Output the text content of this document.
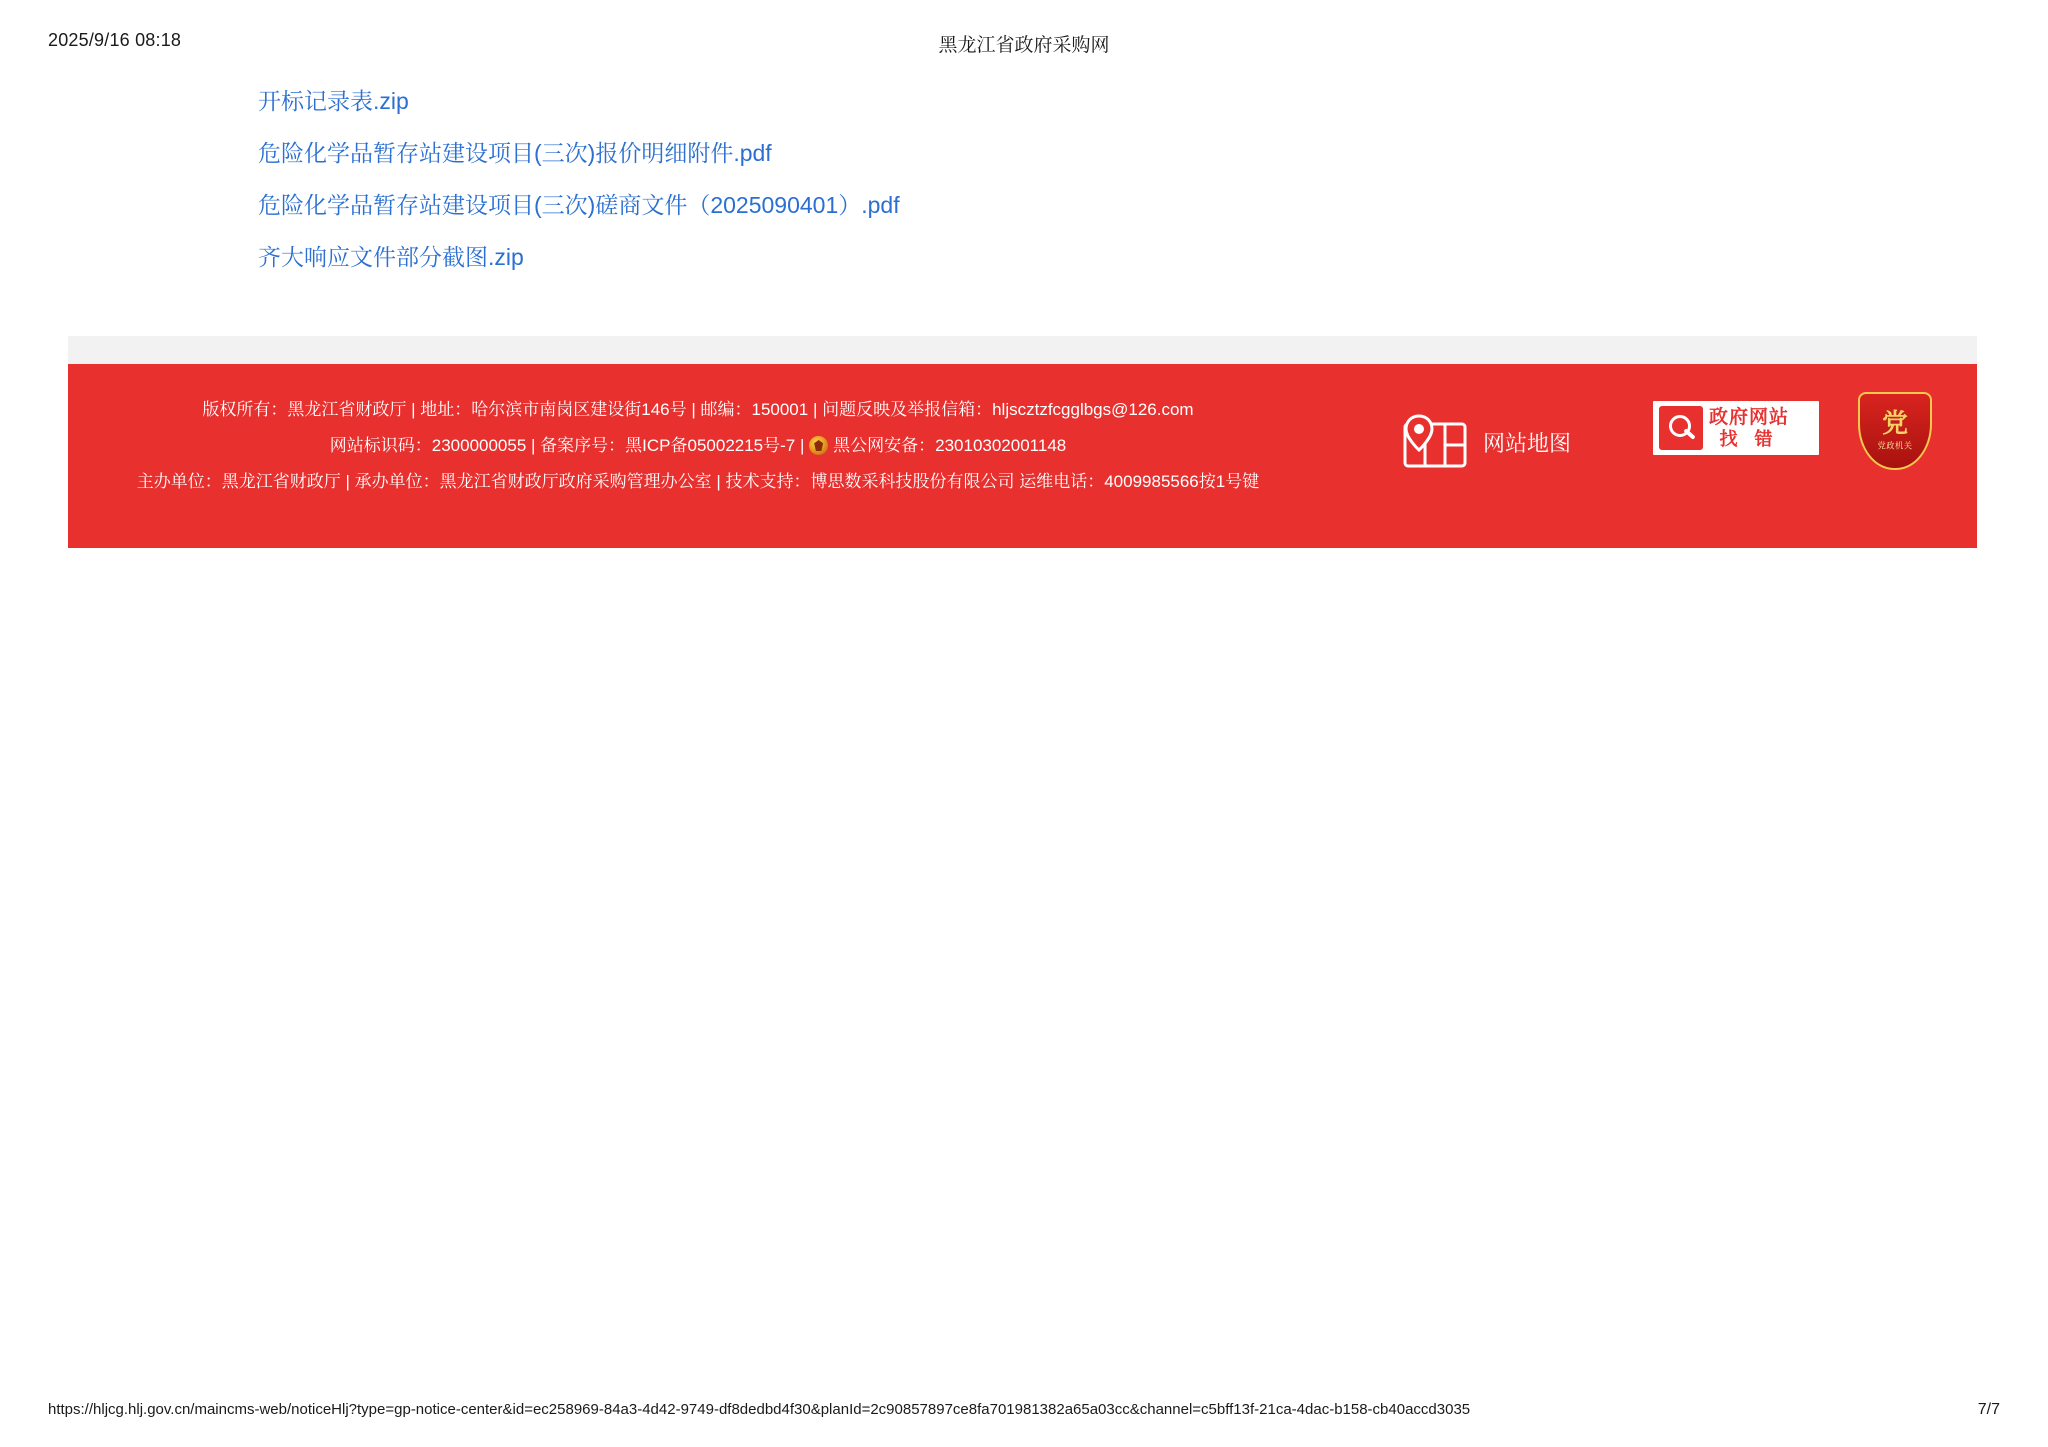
2025/9/16 08:18	黑龙江省政府采购网
开标记录表.zip
危险化学品暂存站建设项目(三次)报价明细附件.pdf
危险化学品暂存站建设项目(三次)磋商文件（2025090401）.pdf
齐大响应文件部分截图.zip
版权所有：黑龙江省财政厅 | 地址：哈尔滨市南岗区建设街146号 | 邮编：150001 | 问题反映及举报信箱：hljscztzfcgglbgs@126.com
网站标识码：2300000055 | 备案序号：黑ICP备05002215号-7 | 黑公网安备：23010302001148
主办单位：黑龙江省财政厅 | 承办单位：黑龙江省财政厅政府采购管理办公室 | 技术支持：博思数采科技股份有限公司 运维电话：4009985566按1号键
网站地图
政府网站
找 错
党
党政机关
https://hljcg.hlj.gov.cn/maincms-web/noticeHlj?type=gp-notice-center&id=ec258969-84a3-4d42-9749-df8dedbd4f30&planId=2c90857897ce8fa701981382a65a03cc&channel=c5bff13f-21ca-4dac-b158-cb40accd3035	7/7
